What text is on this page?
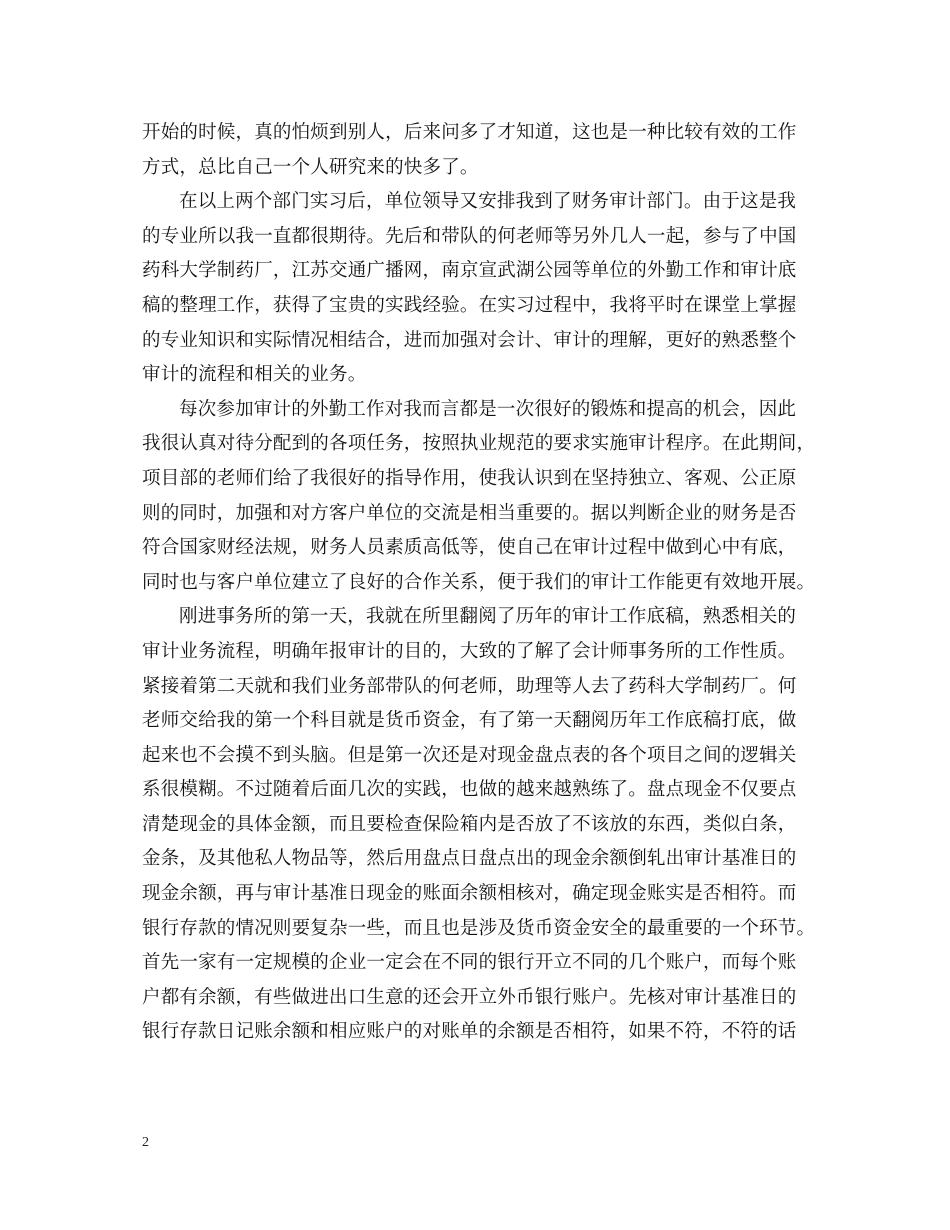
开始的时候，真的怕烦到别人，后来问多了才知道，这也是一种比较有效的工作
方式，总比自己一个人研究来的快多了。
在以上两个部门实习后，单位领导又安排我到了财务审计部门。由于这是我
的专业所以我一直都很期待。先后和带队的何老师等另外几人一起，参与了中国
药科大学制药厂，江苏交通广播网，南京宣武湖公园等单位的外勤工作和审计底
稿的整理工作，获得了宝贵的实践经验。在实习过程中，我将平时在课堂上掌握
的专业知识和实际情况相结合，进而加强对会计、审计的理解，更好的熟悉整个
审计的流程和相关的业务。
每次参加审计的外勤工作对我而言都是一次很好的锻炼和提高的机会，因此
我很认真对待分配到的各项任务，按照执业规范的要求实施审计程序。在此期间，
项目部的老师们给了我很好的指导作用，使我认识到在坚持独立、客观、公正原
则的同时，加强和对方客户单位的交流是相当重要的。据以判断企业的财务是否
符合国家财经法规，财务人员素质高低等，使自己在审计过程中做到心中有底，
同时也与客户单位建立了良好的合作关系，便于我们的审计工作能更有效地开展。
刚进事务所的第一天，我就在所里翻阅了历年的审计工作底稿，熟悉相关的
审计业务流程，明确年报审计的目的，大致的了解了会计师事务所的工作性质。
紧接着第二天就和我们业务部带队的何老师，助理等人去了药科大学制药厂。何
老师交给我的第一个科目就是货币资金，有了第一天翻阅历年工作底稿打底，做
起来也不会摸不到头脑。但是第一次还是对现金盘点表的各个项目之间的逻辑关
系很模糊。不过随着后面几次的实践，也做的越来越熟练了。盘点现金不仅要点
清楚现金的具体金额，而且要检查保险箱内是否放了不该放的东西，类似白条，
金条，及其他私人物品等，然后用盘点日盘点出的现金余额倒轧出审计基准日的
现金余额，再与审计基准日现金的账面余额相核对，确定现金账实是否相符。而
银行存款的情况则要复杂一些，而且也是涉及货币资金安全的最重要的一个环节。
首先一家有一定规模的企业一定会在不同的银行开立不同的几个账户，而每个账
户都有余额，有些做进出口生意的还会开立外币银行账户。先核对审计基准日的
银行存款日记账余额和相应账户的对账单的余额是否相符，如果不符，不符的话
2
